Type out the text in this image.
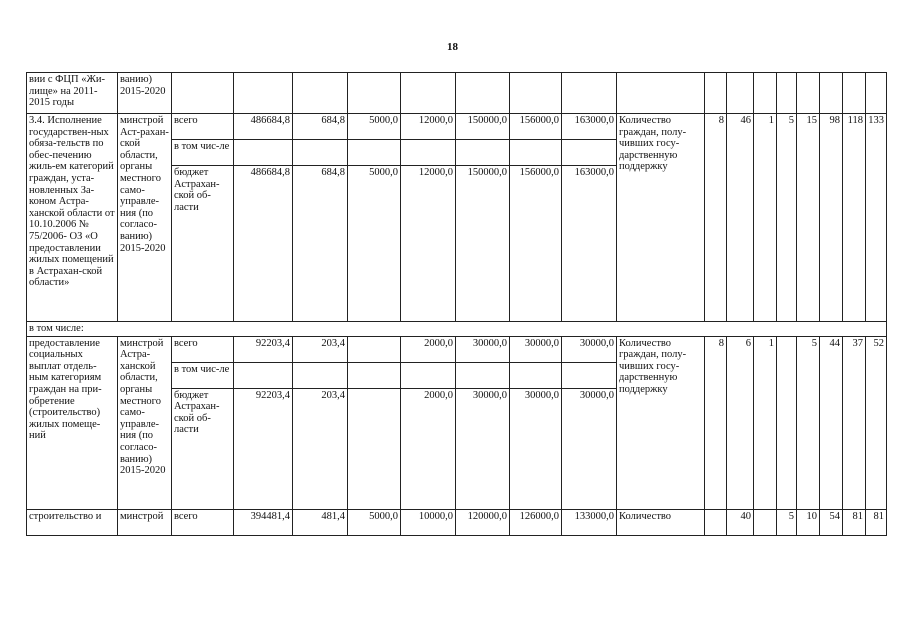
18
вии с ФЦП «Жи-лище» на 2011-2015 годы	ванию) 2015-2020																	
3.4. Исполнение государствен-ных обяза-тельств по обес-печению жиль-ем категорий граждан, уста-новленных За-коном Астра-ханской области от 10.10.2006 № 75/2006- ОЗ «О предоставлении жилых помещений в Астрахан-ской области»	минстрой Аст-рахан-ской области, органы местного само-управле-ния (по согласо-ванию) 2015-2020	всего	486684,8	684,8	5000,0	12000,0	150000,0	156000,0	163000,0	Количество граждан, полу-чивших госу-дарственную поддержку	8	46	1	5	15	98	118	133
		в том чис-ле																
		бюджет Астрахан-ской об-ласти	486684,8	684,8	5000,0	12000,0	150000,0	156000,0	163000,0									
в том числе:																		
предоставление социальных выплат отдель-ным категориям граждан на при-обретение (строительство) жилых помеще-ний	минстрой Астра-ханской области, органы местного само-управле-ния (по согласо-ванию) 2015-2020	всего	92203,4	203,4		2000,0	30000,0	30000,0	30000,0	Количество граждан, полу-чивших госу-дарственную поддержку	8	6	1		5	44	37	52
		в том чис-ле																
		бюджет Астрахан-ской об-ласти	92203,4	203,4		2000,0	30000,0	30000,0	30000,0									
строительство и	минстрой	всего	394481,4	481,4	5000,0	10000,0	120000,0	126000,0	133000,0	Количество		40		5	10	54	81	81
